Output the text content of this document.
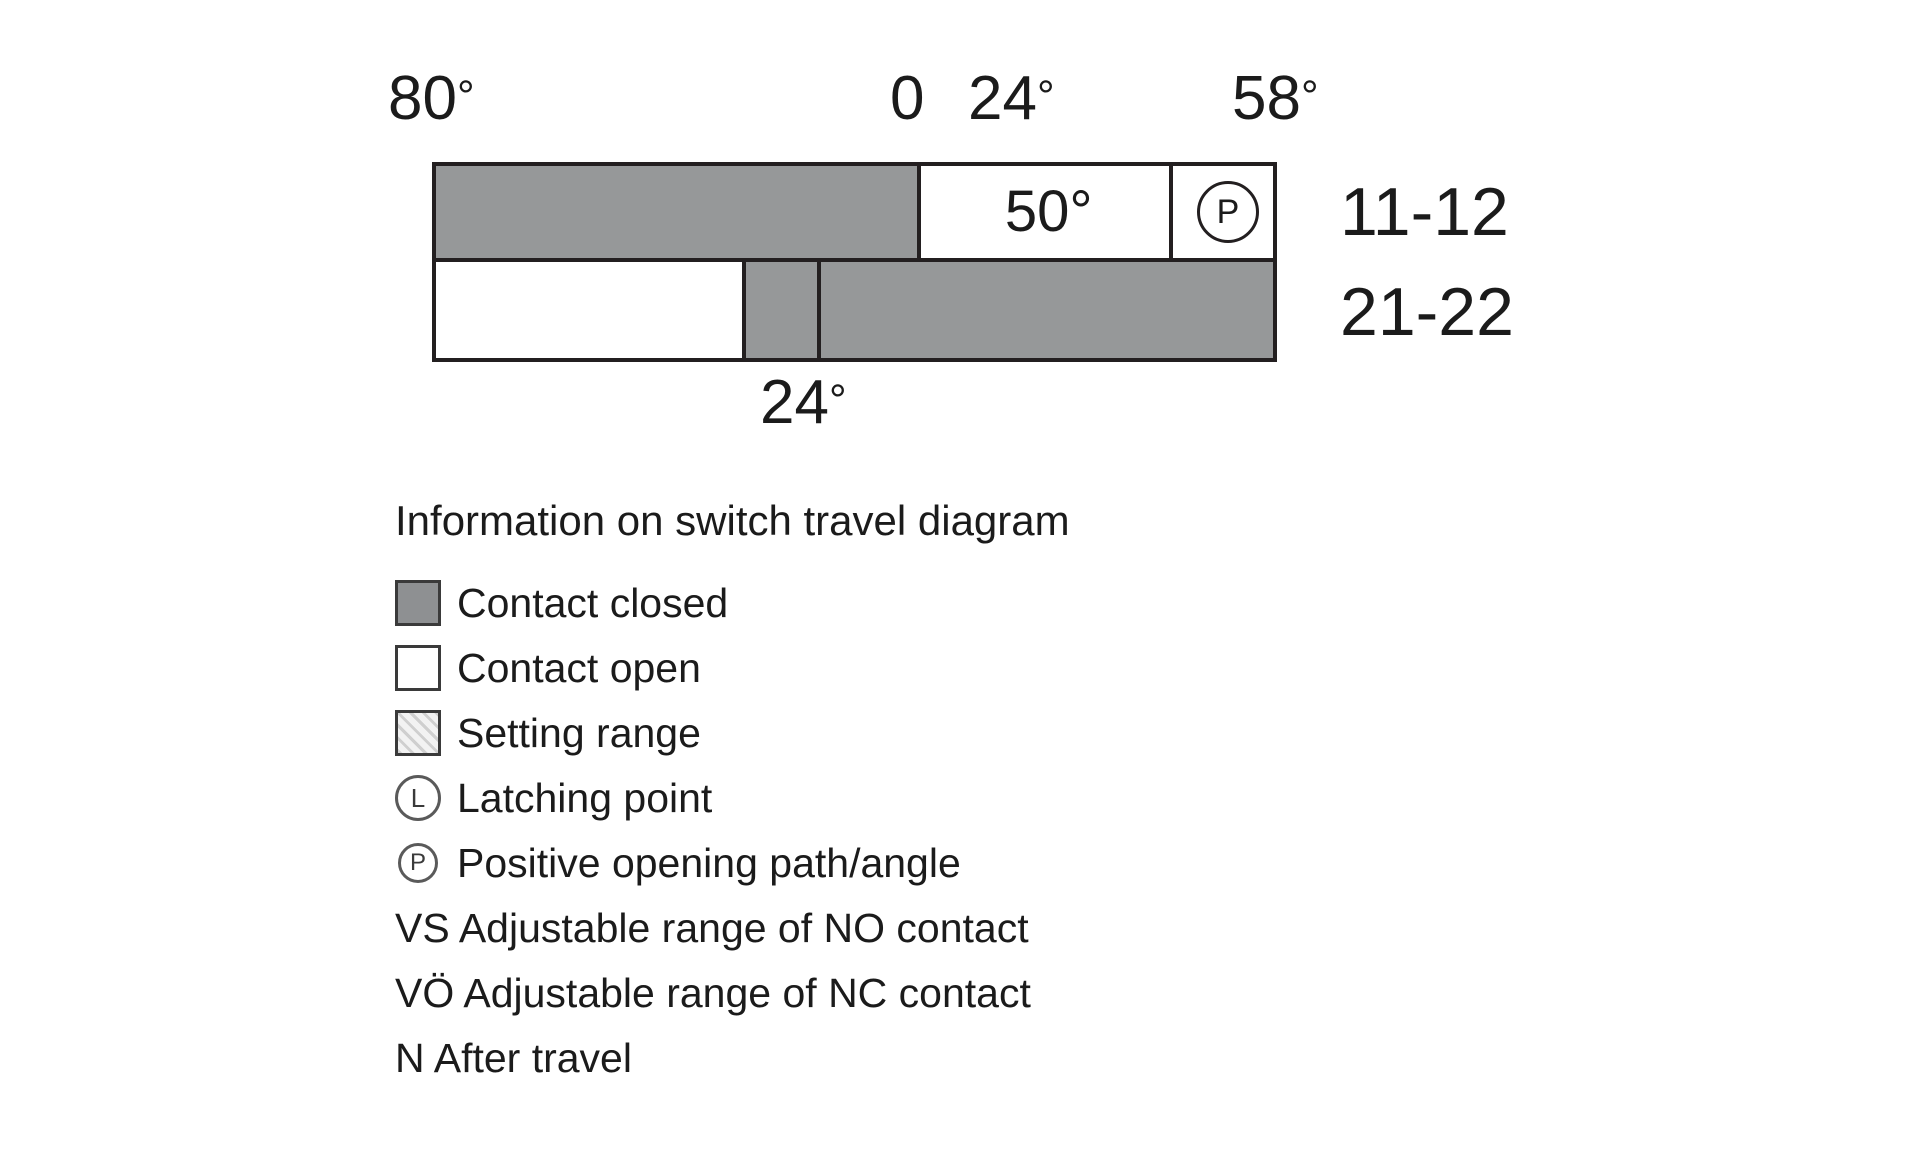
80°	0 24°	58°
50°	P 11-12
21-22
24°
Information on switch travel diagram
Contact closed
Contact open
Setting range
L Latching point
P Positive opening path/angle
VS Adjustable range of NO contact
VÖ Adjustable range of NC contact
N After travel
